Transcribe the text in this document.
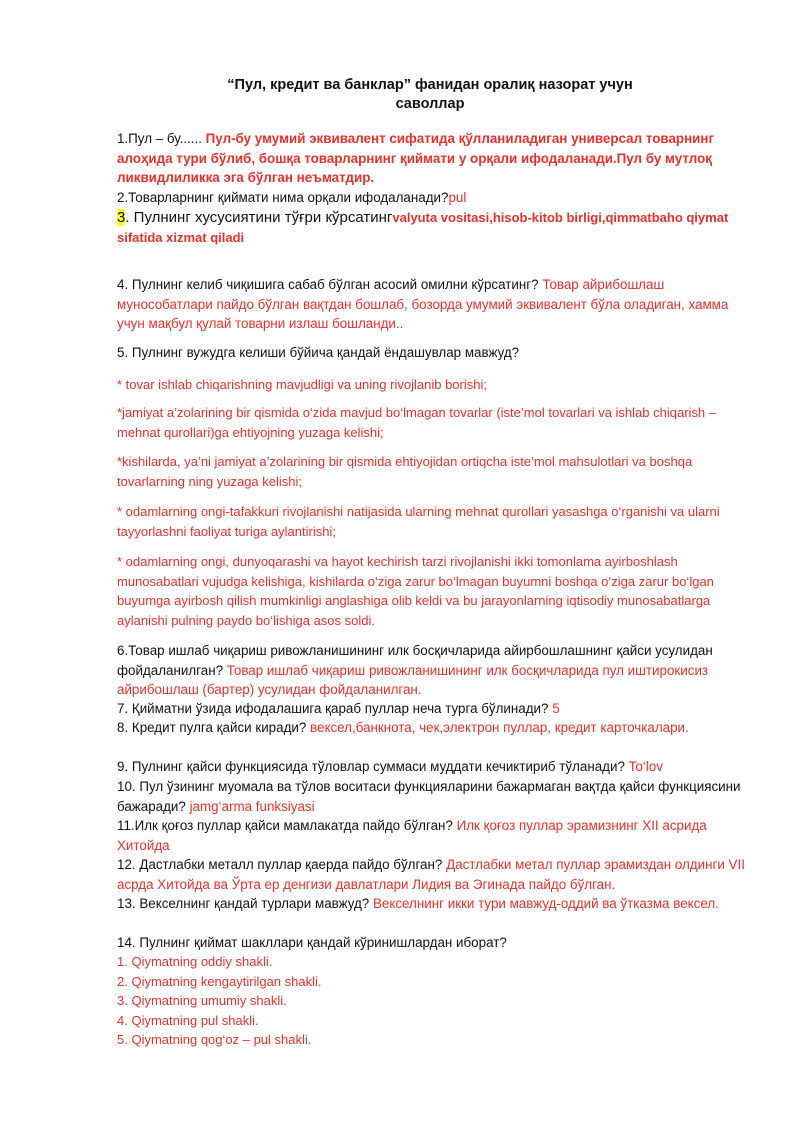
“Пул, кредит ва банклар” фанидан оралиқ назорат учун
саволлар
1.Пул – бу...... Пул-бу умумий эквивалент сифатида қўлланиладиган универсал товарнинг алоҳида тури бўлиб, бошқа товарларнинг қиймати у орқали ифодаланади.Пул бу мутлоқ ликвидлиликка эга бўлган неъматдир.
2.Товарларнинг қиймати нима орқали ифодаланади?pul
3. Пулнинг хусусиятини тўғри кўрсатингvalyuta vositasi,hisob-kitob birligi,qimmatbaho qiymat sifatida xizmat qiladi
4. Пулнинг келиб чиқишига сабаб бўлган асосий омилни кўрсатинг? Товар айрибошлаш мунособатлари пайдо бўлган вақтдан бошлаб, бозорда умумий эквивалент бўла оладиган, хамма учун мақбул қулай товарни излаш бошланди..
5. Пулнинг вужудга келиши бўйича қандай ёндашувлар мавжуд?
* tovar ishlab chiqarishning mavjudligi va uning rivojlanib borishi;
*jamiyat a’zolarining bir qismida o‘zida mavjud bo‘lmagan tovarlar (iste’mol tovarlari va ishlab chiqarish – mehnat qurollari)ga ehtiyojning yuzaga kelishi;
*kishilarda, ya’ni jamiyat a’zolarining bir qismida ehtiyojidan ortiqcha iste’mol mahsulotlari va boshqa tovarlarning ning yuzaga kelishi;
* odamlarning ongi-tafakkuri rivojlanishi natijasida ularning mehnat qurollari yasashga o‘rganishi va ularni tayyorlashni faoliyat turiga aylantirishi;
* odamlarning ongi, dunyoqarashi va hayot kechirish tarzi rivojlanishi ikki tomonlama ayirboshlash munosabatlari vujudga kelishiga, kishilarda o‘ziga zarur bo‘lmagan buyumni boshqa o‘ziga zarur bo‘lgan buyumga ayirbosh qilish mumkinligi anglashiga olib keldi va bu jarayonlarning iqtisodiy munosabatlarga aylanishi pulning paydo bo‘lishiga asos soldi.
6.Товар ишлаб чиқариш ривожланишининг илк босқичларида айирбошлашнинг қайси усулидан фойдаланилган? Товар ишлаб чиқариш ривожланишининг илк босқичларида пул иштирокисиз айрибошлаш (бартер) усулидан фойдаланилган.
7. Қийматни ўзида ифодалашига қараб пуллар неча турга бўлинади? 5
8. Кредит пулга қайси киради? вексел,банкнота, чек,электрон пуллар, кредит карточкалари.
9. Пулнинг қайси функциясида тўловлар суммаси муддати кечиктириб тўланади? To‘lov
10. Пул ўзининг муомала ва тўлов воситаси функцияларини бажармаган вақтда қайси функциясини бажаради? jamg‘arma funksiyasi
11.Илк қоғоз пуллар қайси мамлакатда пайдо бўлган? Илк қоғоз пуллар эрамизнинг XII асрида Хитойда
12. Дастлабки металл пуллар қаерда пайдо бўлган? Дастлабки метал пуллар эрамиздан олдинги VII асрда Хитойда ва Ўрта ер денгизи давлатлари Лидия ва Эгинада пайдо бўлган.
13. Векселнинг қандай турлари мавжуд? Векселнинг икки тури мавжуд-оддий ва ўтказма вексел.
14. Пулнинг қиймат шакллари қандай кўринишлардан иборат?
1. Qiymatning oddiy shakli.
2. Qiymatning kengaytirilgan shakli.
3. Qiymatning umumiy shakli.
4. Qiymatning pul shakli.
5. Qiymatning qog‘oz – pul shakli.
